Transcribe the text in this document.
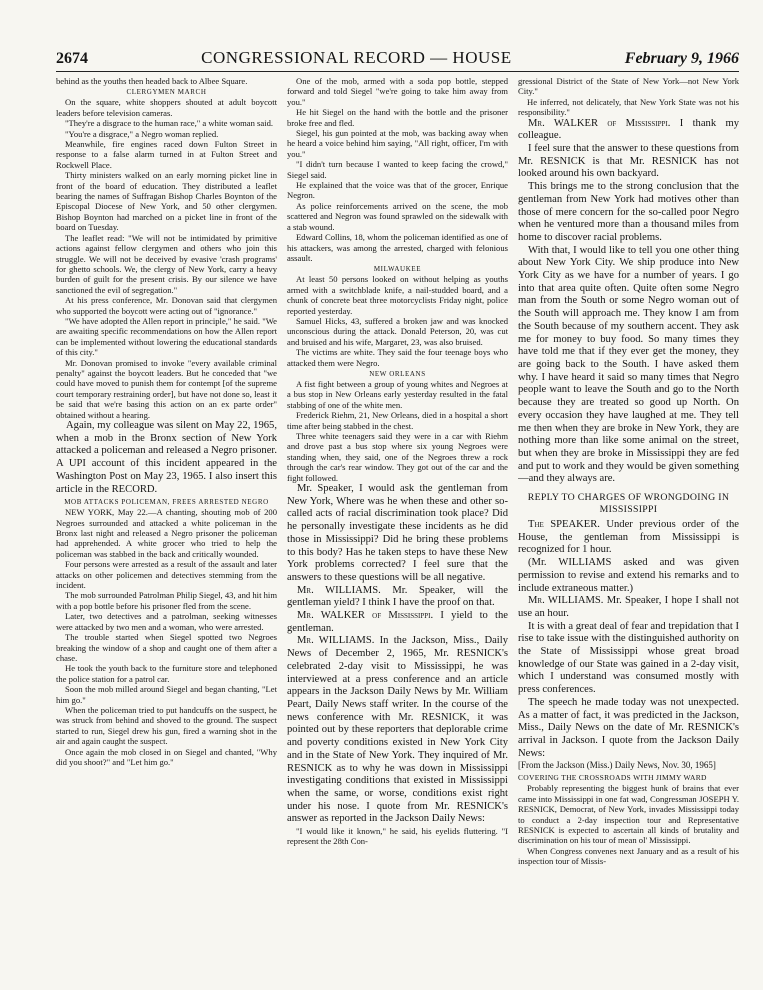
2674	CONGRESSIONAL RECORD — HOUSE	February 9, 1966

behind as the youths then headed back to Albee Square.

CLERGYMEN MARCH

On the square, white shoppers shouted at adult boycott leaders before television cameras.

"They're a disgrace to the human race," a white woman said.

"You're a disgrace," a Negro woman replied.

Meanwhile, fire engines raced down Fulton Street in response to a false alarm turned in at Fulton Street and Rockwell Place.

Thirty ministers walked on an early morning picket line in front of the board of education. They distributed a leaflet bearing the names of Suffragan Bishop Charles Boynton of the Episcopal Diocese of New York, and 50 other clergymen. Bishop Boynton had marched on a picket line in front of the board on Tuesday.

The leaflet read: "We will not be intimidated by primitive actions against fellow clergymen and others who join this struggle. We will not be deceived by evasive 'crash programs' for ghetto schools. We, the clergy of New York, carry a heavy burden of guilt for the present crisis. By our silence we have sanctioned the evil of segregation."

At his press conference, Mr. Donovan said that clergymen who supported the boycott were acting out of "ignorance."

"We have adopted the Allen report in principle," he said. "We are awaiting specific recommendations on how the Allen report can be implemented without lowering the educational standards of this city."

Mr. Donovan promised to invoke "every available criminal penalty" against the boycott leaders. But he conceded that "we could have moved to punish them for contempt [of the supreme court temporary restraining order], but have not done so, least it be said that we're basing this action on an ex parte order" obtained without a hearing.

Again, my colleague was silent on May 22, 1965, when a mob in the Bronx section of New York attacked a policeman and released a Negro prisoner. A UPI account of this incident appeared in the Washington Post on May 23, 1965. I also insert this article in the RECORD.

MOB ATTACKS POLICEMAN, FREES ARRESTED NEGRO

NEW YORK, May 22.—A chanting, shouting mob of 200 Negroes surrounded and attacked a white policeman in the Bronx last night and released a Negro prisoner the policeman had apprehended. A white grocer who tried to help the policeman was stabbed in the back and critically wounded.

Four persons were arrested as a result of the assault and later attacks on other policemen and detectives stemming from the incident.

The mob surrounded Patrolman Philip Siegel, 43, and hit him with a pop bottle before his prisoner fled from the scene.

Later, two detectives and a patrolman, seeking witnesses were attacked by two men and a woman, who were arrested.

The trouble started when Siegel spotted two Negroes breaking the window of a shop and caught one of them after a chase.

He took the youth back to the furniture store and telephoned the police station for a patrol car.

Soon the mob milled around Siegel and began chanting, "Let him go."

When the policeman tried to put handcuffs on the suspect, he was struck from behind and shoved to the ground. The suspect started to run, Siegel drew his gun, fired a warning shot in the air and again caught the suspect.

Once again the mob closed in on Siegel and chanted, "Why did you shoot?" and "Let him go."

One of the mob, armed with a soda pop bottle, stepped forward and told Siegel "we're going to take him away from you."

He hit Siegel on the hand with the bottle and the prisoner broke free and fled.

Siegel, his gun pointed at the mob, was backing away when he heard a voice behind him saying, "All right, officer, I'm with you."

"I didn't turn because I wanted to keep facing the crowd," Siegel said.

He explained that the voice was that of the grocer, Enrique Negron.

As police reinforcements arrived on the scene, the mob scattered and Negron was found sprawled on the sidewalk with a stab wound.

Edward Collins, 18, whom the policeman identified as one of his attackers, was among the arrested, charged with felonious assault.

MILWAUKEE

At least 50 persons looked on without helping as youths armed with a switchblade knife, a nail-studded board, and a chunk of concrete beat three motorcyclists Friday night, police reported yesterday.

Samuel Hicks, 43, suffered a broken jaw and was knocked unconscious during the attack. Donald Peterson, 20, was cut and bruised and his wife, Margaret, 23, was also bruised.

The victims are white. They said the four teenage boys who attacked them were Negro.

NEW ORLEANS

A fist fight between a group of young whites and Negroes at a bus stop in New Orleans early yesterday resulted in the fatal stabbing of one of the white men.

Frederick Riehm, 21, New Orleans, died in a hospital a short time after being stabbed in the chest.

Three white teenagers said they were in a car with Riehm and drove past a bus stop where six young Negroes were standing when, they said, one of the Negroes threw a rock through the car's rear window. They got out of the car and the fight followed.

Mr. Speaker, I would ask the gentleman from New York, Where was he when these and other so-called acts of racial discrimination took place? Did he personally investigate these incidents as he did those in Mississippi? Did he bring these problems to this body? Has he taken steps to have these New York problems corrected? I feel sure that the answers to these questions will be all negative.

Mr. WILLIAMS. Mr. Speaker, will the gentleman yield? I think I have the proof on that.

Mr. WALKER of Mississippi. I yield to the gentleman.

Mr. WILLIAMS. In the Jackson, Miss., Daily News of December 2, 1965, Mr. RESNICK's celebrated 2-day visit to Mississippi, he was interviewed at a press conference and an article appears in the Jackson Daily News by Mr. William Peart, Daily News staff writer. In the course of the news conference with Mr. RESNICK, it was pointed out by these reporters that deplorable crime and poverty conditions existed in New York City and in the State of New York. They inquired of Mr. RESNICK as to why he was down in Mississippi investigating conditions that existed in Mississippi when the same, or worse, conditions exist right under his nose. I quote from Mr. RESNICK's answer as reported in the Jackson Daily News:

"I would like it known," he said, his eyelids fluttering. "I represent the 28th Con-

gressional District of the State of New York—not New York City."

He inferred, not delicately, that New York State was not his responsibility."

Mr. WALKER of Mississippi. I thank my colleague.

I feel sure that the answer to these questions from Mr. RESNICK is that Mr. RESNICK has not looked around his own backyard.

This brings me to the strong conclusion that the gentleman from New York had motives other than those of mere concern for the so-called poor Negro when he ventured more than a thousand miles from home to discover racial problems.

With that, I would like to tell you one other thing about New York City. We ship produce into New York City as we have for a number of years. I go into that area quite often. Quite often some Negro man from the South or some Negro woman out of the South will approach me. They know I am from the South because of my southern accent. They ask me for money to buy food. So many times they have told me that if they ever get the money, they are going back to the South. I have asked them why. I have heard it said so many times that Negro people want to leave the South and go to the North because they are treated so good up North. On every occasion they have laughed at me. They tell me then when they are broke in New York, they are nothing more than like some animal on the street, but when they are broke in Mississippi they are fed and put to work and they would be given something—and they always are.

REPLY TO CHARGES OF WRONGDOING IN MISSISSIPPI

The SPEAKER. Under previous order of the House, the gentleman from Mississippi is recognized for 1 hour.

(Mr. WILLIAMS asked and was given permission to revise and extend his remarks and to include extraneous matter.)

Mr. WILLIAMS. Mr. Speaker, I hope I shall not use an hour.

It is with a great deal of fear and trepidation that I rise to take issue with the distinguished authority on the State of Mississippi whose great broad knowledge of our State was gained in a 2-day visit, which I understand was consumed mostly with press conferences.

The speech he made today was not unexpected. As a matter of fact, it was predicted in the Jackson, Miss., Daily News on the date of Mr. RESNICK's arrival in Jackson. I quote from the Jackson Daily News:

[From the Jackson (Miss.) Daily News, Nov. 30, 1965]

COVERING THE CROSSROADS WITH JIMMY WARD

Probably representing the biggest hunk of brains that ever came into Mississippi in one fat wad, Congressman JOSEPH Y. RESNICK, Democrat, of New York, invades Mississippi today to conduct a 2-day inspection tour and Representative RESNICK is expected to ascertain all kinds of brutality and discrimination on his tour of mean ol' Mississippi.

When Congress convenes next January and as a result of his inspection tour of Missis-
